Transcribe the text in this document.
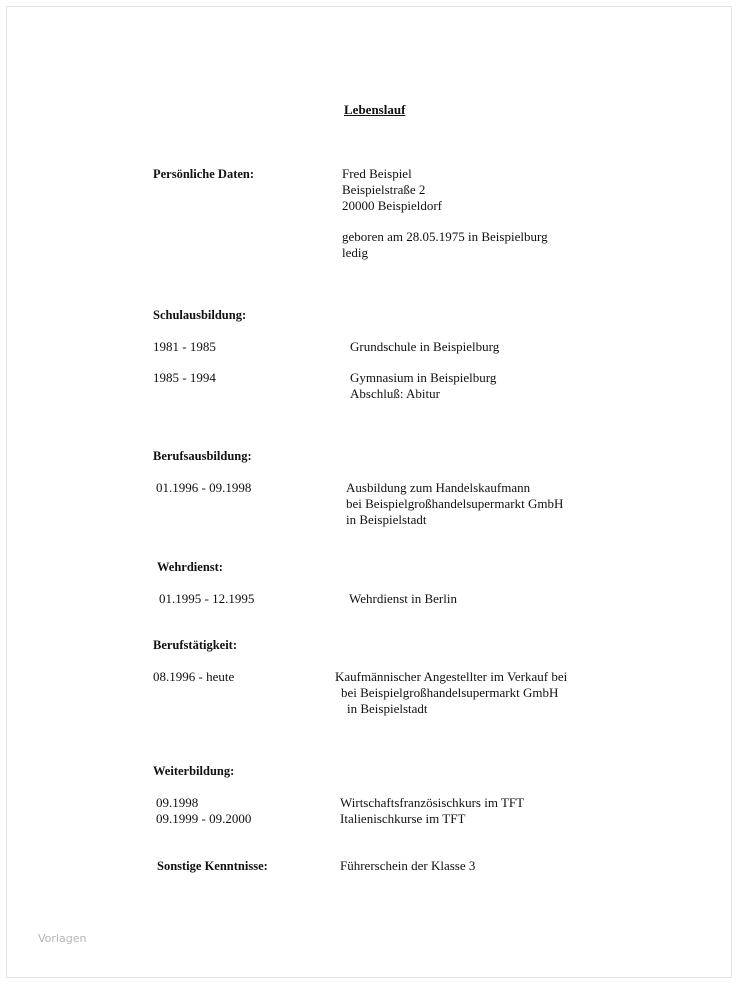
Lebenslauf
Persönliche Daten:	Fred Beispiel
Beispielstraße 2
20000 Beispieldorf
geboren am 28.05.1975 in Beispielburg
ledig
Schulausbildung:
1981 - 1985	Grundschule in Beispielburg
1985 - 1994	Gymnasium in Beispielburg
Abschluß: Abitur
Berufsausbildung:
01.1996 - 09.1998	Ausbildung zum Handelskaufmann
bei Beispielgroßhandelsupermarkt GmbH
in Beispielstadt
Wehrdienst:
01.1995 - 12.1995	Wehrdienst in Berlin
Berufstätigkeit:
08.1996 - heute	Kaufmännischer Angestellter im Verkauf bei
bei Beispielgroßhandelsupermarkt GmbH
in Beispielstadt
Weiterbildung:
09.1998	Wirtschaftsfranzösischkurs im TFT
09.1999 - 09.2000	Italienischkurse im TFT
Sonstige Kenntnisse:	Führerschein der Klasse 3
Vorlagen
